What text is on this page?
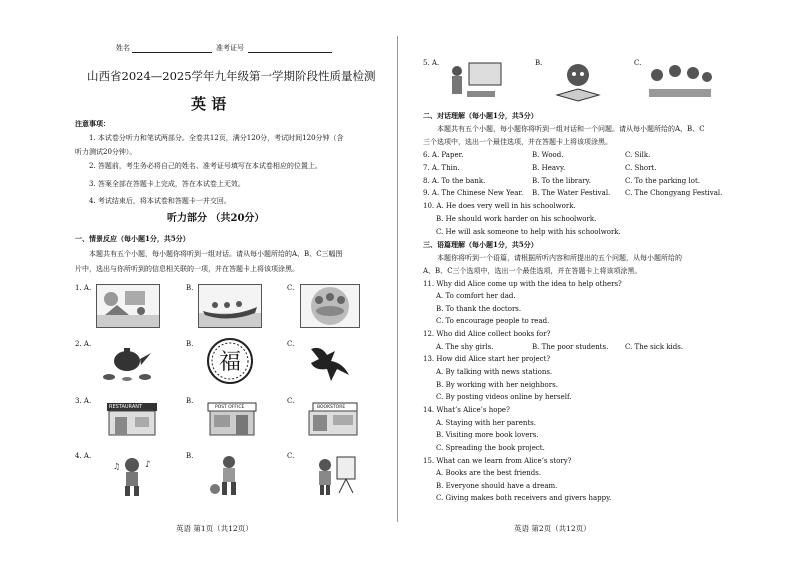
姓名	准考证号
山西省2024—2025学年九年级第一学期阶段性质量检测
英 语
注意事项：
1. 本试卷分听力和笔试两部分。全卷共12页，满分120分，考试时间120分钟（含
听力测试20分钟）。
2. 答题前，考生务必将自己的姓名、准考证号填写在本试卷相应的位置上。
3. 答案全部在答题卡上完成，答在本试卷上无效。
4. 考试结束后，将本试卷和答题卡一并交回。
听力部分 （共20分）
一、情景反应（每小题1分，共5分）
本题共有五个小题，每小题你将听到一组对话。请从每小题所给的A、B、C三幅图
片中，选出与你所听到的信息相关联的一项，并在答题卡上将该项涂黑。
1. A.	B.	C.
2. A.	B.
福
C.
3. A.
RESTAURANT
B.
POST OFFICE
C.
BOOKSTORE
4. A.
♪
♫
B.	C.
英语 第1页（共12页）
5. A.	B.	C.
二、对话理解（每小题1分，共5分）
本题共有五个小题，每小题你将听到一组对话和一个问题。请从每小题所给的A、B、C
三个选项中，选出一个最佳选项，并在答题卡上将该项涂黑。
6. A. Paper.	B. Wood.	C. Silk.
7. A. Thin.	B. Heavy.	C. Short.
8. A. To the bank.	B. To the library.	C. To the parking lot.
9. A. The Chinese New Year. B. The Water Festival. C. The Chongyang Festival.
10. A. He does very well in his schoolwork.
B. He should work harder on his schoolwork.
C. He will ask someone to help with his schoolwork.
三、语篇理解（每小题1分，共5分）
本题你将听到一个语篇，请根据所听内容和所提出的五个问题，从每小题所给的
A、B、C三个选项中，选出一个最佳选项，并在答题卡上将该项涂黑。
11. Why did Alice come up with the idea to help others?
A. To comfort her dad.
B. To thank the doctors.
C. To encourage people to read.
12. Who did Alice collect books for?
A. The shy girls.	B. The poor students. C. The sick kids.
13. How did Alice start her project?
A. By talking with news stations.
B. By working with her neighbors.
C. By posting videos online by herself.
14. What’s Alice’s hope?
A. Staying with her parents.
B. Visiting more book lovers.
C. Spreading the book project.
15. What can we learn from Alice’s story?
A. Books are the best friends.
B. Everyone should have a dream.
C. Giving makes both receivers and givers happy.
英语 第2页（共12页）
